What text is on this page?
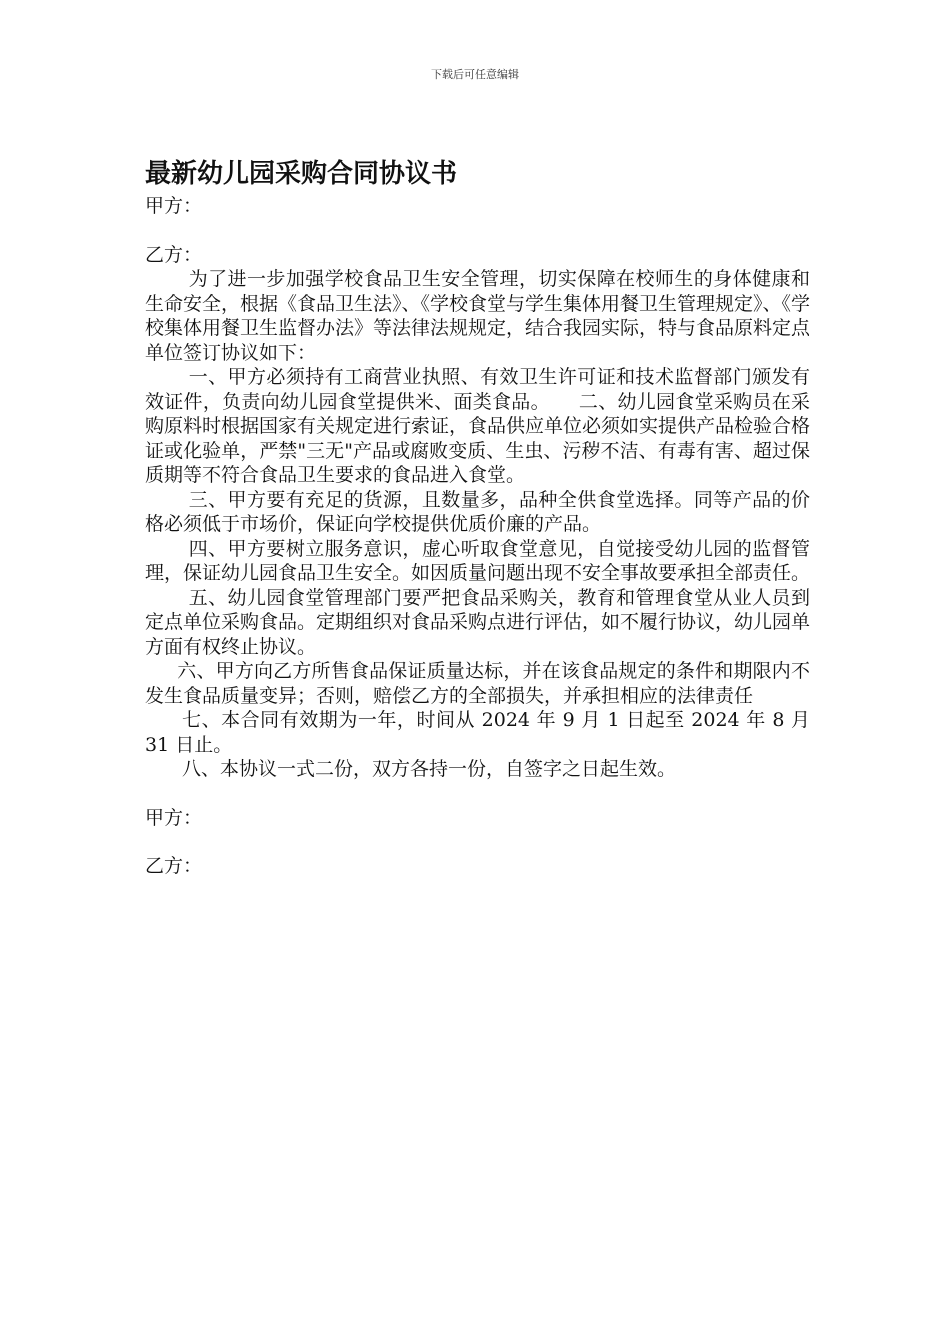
下载后可任意编辑
最新幼儿园采购合同协议书

甲方：

乙方：

为了进一步加强学校食品卫生安全管理，切实保障在校师生的身体健康和生命安全，根据《食品卫生法》、《学校食堂与学生集体用餐卫生管理规定》、《学校集体用餐卫生监督办法》等法律法规规定，结合我园实际，特与食品原料定点单位签订协议如下：

一、甲方必须持有工商营业执照、有效卫生许可证和技术监督部门颁发有效证件，负责向幼儿园食堂提供米、面类食品。　　二、幼儿园食堂采购员在采购原料时根据国家有关规定进行索证，食品供应单位必须如实提供产品检验合格证或化验单，严禁"三无"产品或腐败变质、生虫、污秽不洁、有毒有害、超过保质期等不符合食品卫生要求的食品进入食堂。

三、甲方要有充足的货源，且数量多，品种全供食堂选择。同等产品的价格必须低于市场价，保证向学校提供优质价廉的产品。

四、甲方要树立服务意识，虚心听取食堂意见，自觉接受幼儿园的监督管理，保证幼儿园食品卫生安全。如因质量问题出现不安全事故要承担全部责任。

五、幼儿园食堂管理部门要严把食品采购关，教育和管理食堂从业人员到定点单位采购食品。定期组织对食品采购点进行评估，如不履行协议，幼儿园单方面有权终止协议。

六、甲方向乙方所售食品保证质量达标，并在该食品规定的条件和期限内不发生食品质量变异；否则，赔偿乙方的全部损失，并承担相应的法律责任

七、本合同有效期为一年，时间从 2024 年 9 月 1 日起至 2024 年 8 月 31 日止。

八、本协议一式二份，双方各持一份，自签字之日起生效。

甲方：

乙方：
